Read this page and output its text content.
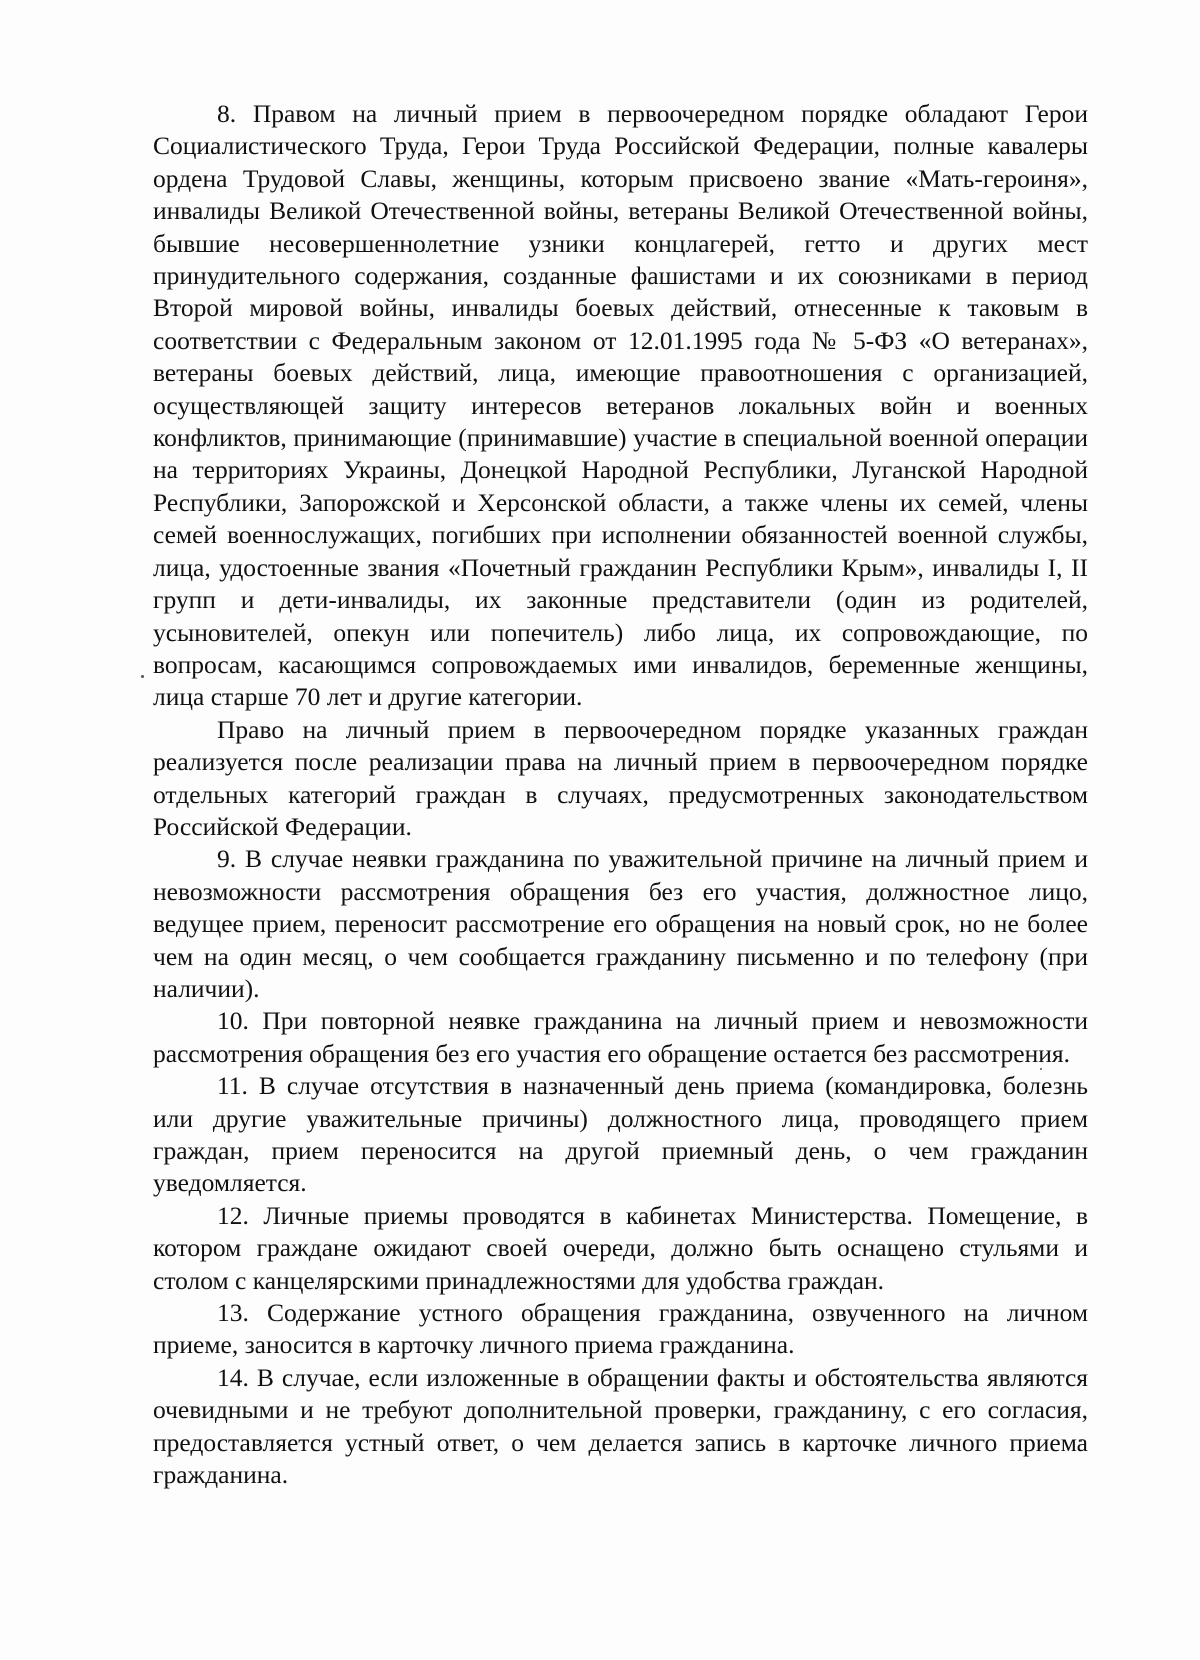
8. Правом на личный прием в первоочередном порядке обладают Герои Социалистического Труда, Герои Труда Российской Федерации, полные кавалеры ордена Трудовой Славы, женщины, которым присвоено звание «Мать-героиня», инвалиды Великой Отечественной войны, ветераны Великой Отечественной войны, бывшие несовершеннолетние узники концлагерей, гетто и других мест принудительного содержания, созданные фашистами и их союзниками в период Второй мировой войны, инвалиды боевых действий, отнесенные к таковым в соответствии с Федеральным законом от 12.01.1995 года № 5-ФЗ «О ветеранах», ветераны боевых действий, лица, имеющие правоотношения с организацией, осуществляющей защиту интересов ветеранов локальных войн и военных конфликтов, принимающие (принимавшие) участие в специальной военной операции на территориях Украины, Донецкой Народной Республики, Луганской Народной Республики, Запорожской и Херсонской области, а также члены их семей, члены семей военнослужащих, погибших при исполнении обязанностей военной службы, лица, удостоенные звания «Почетный гражданин Республики Крым», инвалиды I, II групп и дети-инвалиды, их законные представители (один из родителей, усыновителей, опекун или попечитель) либо лица, их сопровождающие, по вопросам, касающимся сопровождаемых ими инвалидов, беременные женщины, лица старше 70 лет и другие категории.

Право на личный прием в первоочередном порядке указанных граждан реализуется после реализации права на личный прием в первоочередном порядке отдельных категорий граждан в случаях, предусмотренных законодательством Российской Федерации.

9. В случае неявки гражданина по уважительной причине на личный прием и невозможности рассмотрения обращения без его участия, должностное лицо, ведущее прием, переносит рассмотрение его обращения на новый срок, но не более чем на один месяц, о чем сообщается гражданину письменно и по телефону (при наличии).

10. При повторной неявке гражданина на личный прием и невозможности рассмотрения обращения без его участия его обращение остается без рассмотрения.

11. В случае отсутствия в назначенный день приема (командировка, болезнь или другие уважительные причины) должностного лица, проводящего прием граждан, прием переносится на другой приемный день, о чем гражданин уведомляется.

12. Личные приемы проводятся в кабинетах Министерства. Помещение, в котором граждане ожидают своей очереди, должно быть оснащено стульями и столом с канцелярскими принадлежностями для удобства граждан.

13. Содержание устного обращения гражданина, озвученного на личном приеме, заносится в карточку личного приема гражданина.

14. В случае, если изложенные в обращении факты и обстоятельства являются очевидными и не требуют дополнительной проверки, гражданину, с его согласия, предоставляется устный ответ, о чем делается запись в карточке личного приема гражданина.
